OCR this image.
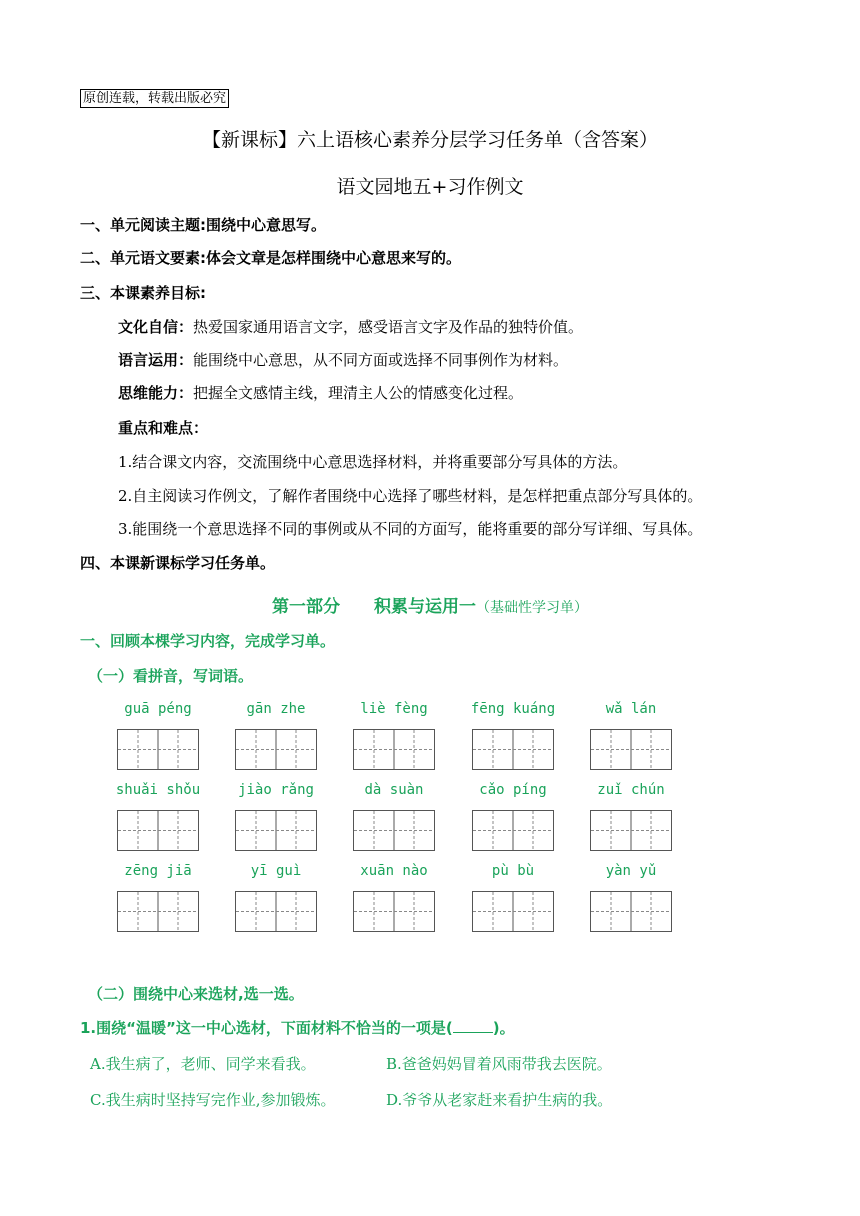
原创连载，转载出版必究
【新课标】六上语核心素养分层学习任务单（含答案）
语文园地五+习作例文
一、单元阅读主题:围绕中心意思写。
二、单元语文要素:体会文章是怎样围绕中心意思来写的。
三、本课素养目标:
文化自信：热爱国家通用语言文字，感受语言文字及作品的独特价值。
语言运用：能围绕中心意思，从不同方面或选择不同事例作为材料。
思维能力：把握全文感情主线，理清主人公的情感变化过程。
重点和难点：
1.结合课文内容，交流围绕中心意思选择材料，并将重要部分写具体的方法。
2.自主阅读习作例文，了解作者围绕中心选择了哪些材料，是怎样把重点部分写具体的。
3.能围绕一个意思选择不同的事例或从不同的方面写，能将重要的部分写详细、写具体。
四、本课新课标学习任务单。
第一部分　　积累与运用一（基础性学习单）
一、回顾本棵学习内容，完成学习单。
（一）看拼音，写词语。
guā péng	gān zhe	liè fèng	fēng kuáng	wǎ lán
shuǎi shǒu	jiào rǎng	dà suàn	cǎo píng	zuǐ chún
zēng jiā	yī guì	xuān nào	pù bù	yàn yǔ
（二）围绕中心来选材,选一选。
1.围绕“温暖”这一中心选材，下面材料不恰当的一项是(	)。
A.我生病了，老师、同学来看我。	B.爸爸妈妈冒着风雨带我去医院。
C.我生病时坚持写完作业,参加锻炼。	D.爷爷从老家赶来看护生病的我。
